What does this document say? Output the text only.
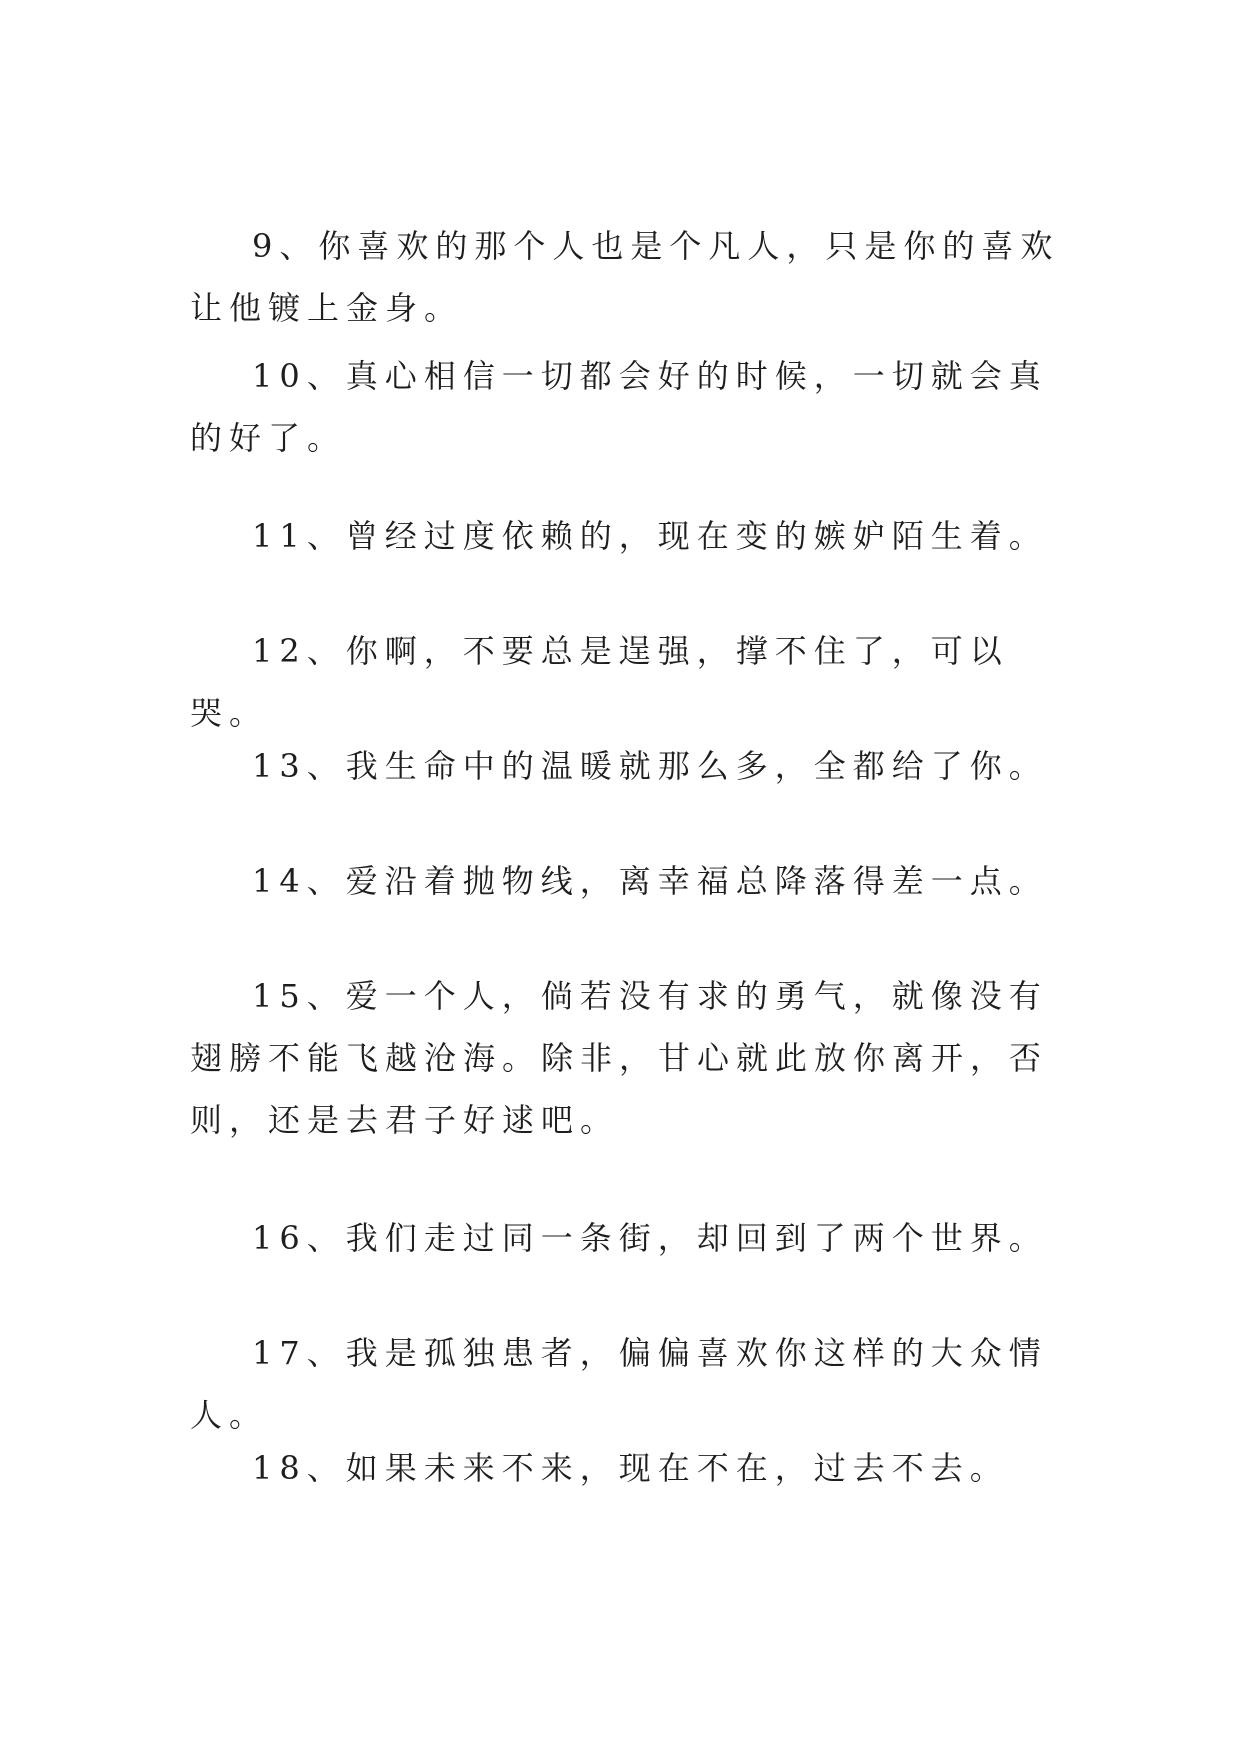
9、你喜欢的那个人也是个凡人，只是你的喜欢让他镀上金身。

10、真心相信一切都会好的时候，一切就会真的好了。

11、曾经过度依赖的，现在变的嫉妒陌生着。

12、你啊，不要总是逞强，撑不住了，可以哭。

13、我生命中的温暖就那么多，全都给了你。

14、爱沿着抛物线，离幸福总降落得差一点。

15、爱一个人，倘若没有求的勇气，就像没有翅膀不能飞越沧海。除非，甘心就此放你离开，否则，还是去君子好逑吧。

16、我们走过同一条街，却回到了两个世界。

17、我是孤独患者，偏偏喜欢你这样的大众情人。

18、如果未来不来，现在不在，过去不去。
